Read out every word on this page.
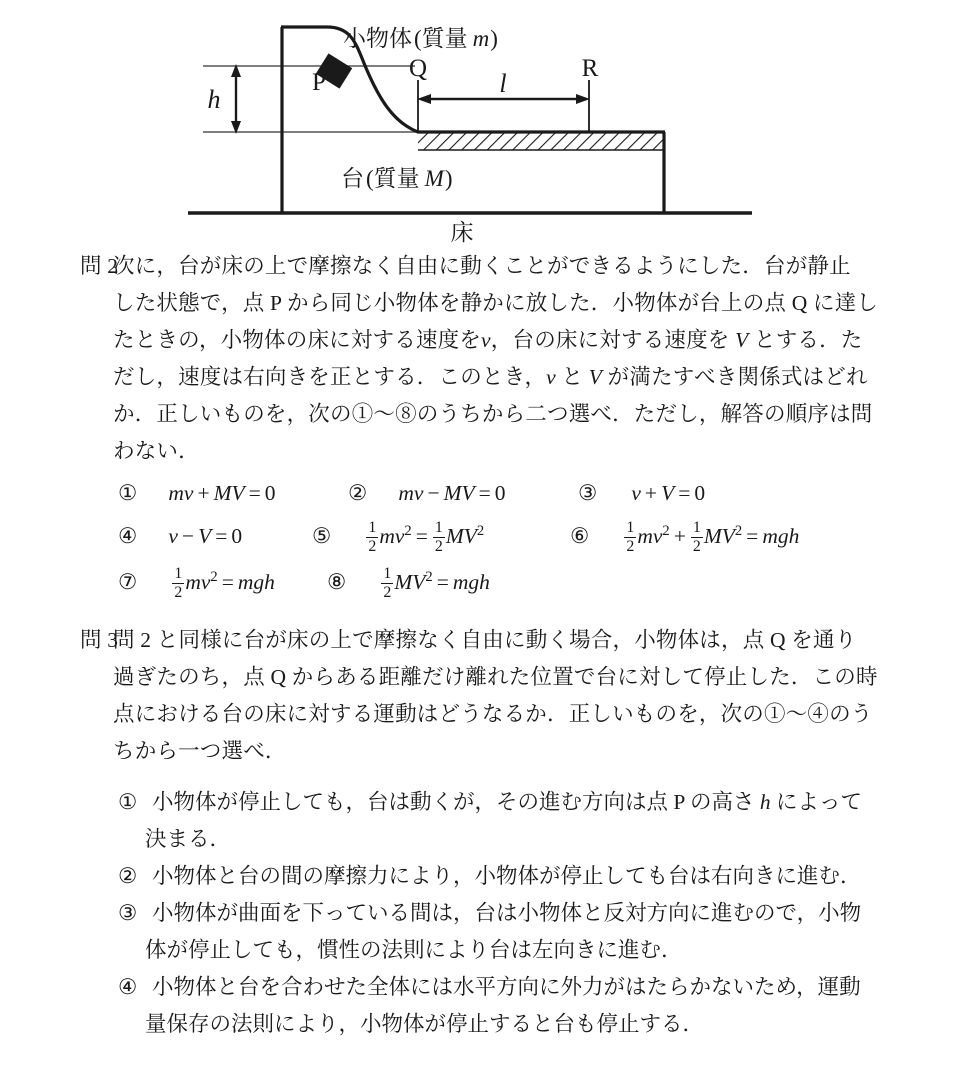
h
l
P
Q	R
小物体(質量 m)
台(質量 M)
床
問 2
次に，台が床の上で摩擦なく自由に動くことができるようにした．台が静止
した状態で，点 P から同じ小物体を静かに放した．小物体が台上の点 Q に達し
たときの，小物体の床に対する速度をv，台の床に対する速度を V とする．た
だし，速度は右向きを正とする．このとき，v と V が満たすべき関係式はどれ
か．正しいものを，次の①〜⑧のうちから二つ選べ．ただし，解答の順序は問
わない．
① mv + MV = 0	② mv − MV = 0	③ v + V = 0
④ v − V = 0	⑤ $\frac{1}{2} mv^2 = \frac{1}{2} MV^2$	⑥ $\frac{1}{2} mv^2 + \frac{1}{2} MV^2$ = mgh
⑦ $\frac{1}{2} mv^2$ = mgh ⑧ $\frac{1}{2} MV^2$ = mgh
問 3
問 2 と同様に台が床の上で摩擦なく自由に動く場合，小物体は，点 Q を通り
過ぎたのち，点 Q からある距離だけ離れた位置で台に対して停止した．この時
点における台の床に対する運動はどうなるか．正しいものを，次の①〜④のう
ちから一つ選べ．
① 小物体が停止しても，台は動くが，その進む方向は点 P の高さ h によって
決まる．
② 小物体と台の間の摩擦力により，小物体が停止しても台は右向きに進む．
③ 小物体が曲面を下っている間は，台は小物体と反対方向に進むので，小物
体が停止しても，慣性の法則により台は左向きに進む．
④ 小物体と台を合わせた全体には水平方向に外力がはたらかないため，運動
量保存の法則により，小物体が停止すると台も停止する．
